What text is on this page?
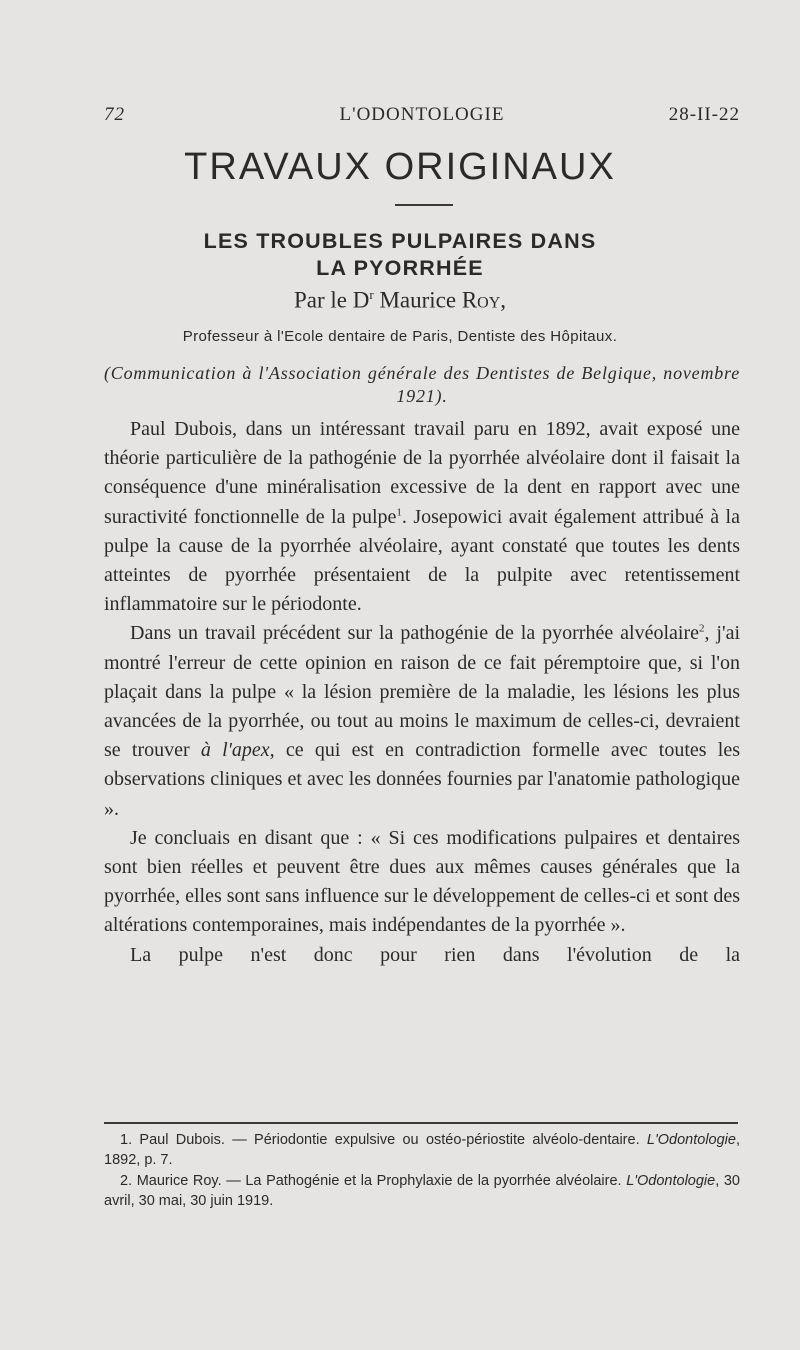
L'ODONTOLOGIE
72	28-II-22
TRAVAUX ORIGINAUX
LES TROUBLES PULPAIRES DANS
LA PYORRHÉE
Par le $D^r$ Maurice Roy,
Professeur à l'Ecole dentaire de Paris, Dentiste des Hôpitaux.
(Communication à l'Association générale des Dentistes de Belgique, novembre 1921).

Paul Dubois, dans un intéressant travail paru en 1892, avait exposé une théorie particulière de la pathogénie de la pyorrhée alvéolaire dont il faisait la conséquence d'une minéralisation excessive de la dent en rapport avec une suractivité fonctionnelle de la pulpe$^1$. Josepowici avait également attribué à la pulpe la cause de la pyorrhée alvéolaire, ayant constaté que toutes les dents atteintes de pyorrhée présentaient de la pulpite avec retentissement inflammatoire sur le périodonte.

Dans un travail précédent sur la pathogénie de la pyorrhée alvéolaire$^2$, j'ai montré l'erreur de cette opinion en raison de ce fait péremptoire que, si l'on plaçait dans la pulpe « la lésion première de la maladie, les lésions les plus avancées de la pyorrhée, ou tout au moins le maximum de celles-ci, devraient se trouver à l'apex, ce qui est en contradiction formelle avec toutes les observations cliniques et avec les données fournies par l'anatomie pathologique ».

Je concluais en disant que : « Si ces modifications pulpaires et dentaires sont bien réelles et peuvent être dues aux mêmes causes générales que la pyorrhée, elles sont sans influence sur le développement de celles-ci et sont des altérations contemporaines, mais indépendantes de la pyorrhée ».

La pulpe n'est donc pour rien dans l'évolution de la

1. Paul Dubois. — Périodontie expulsive ou ostéo-périostite alvéolo-dentaire. L'Odontologie, 1892, p. 7.

2. Maurice Roy. — La Pathogénie et la Prophylaxie de la pyorrhée alvéolaire. L'Odontologie, 30 avril, 30 mai, 30 juin 1919.
